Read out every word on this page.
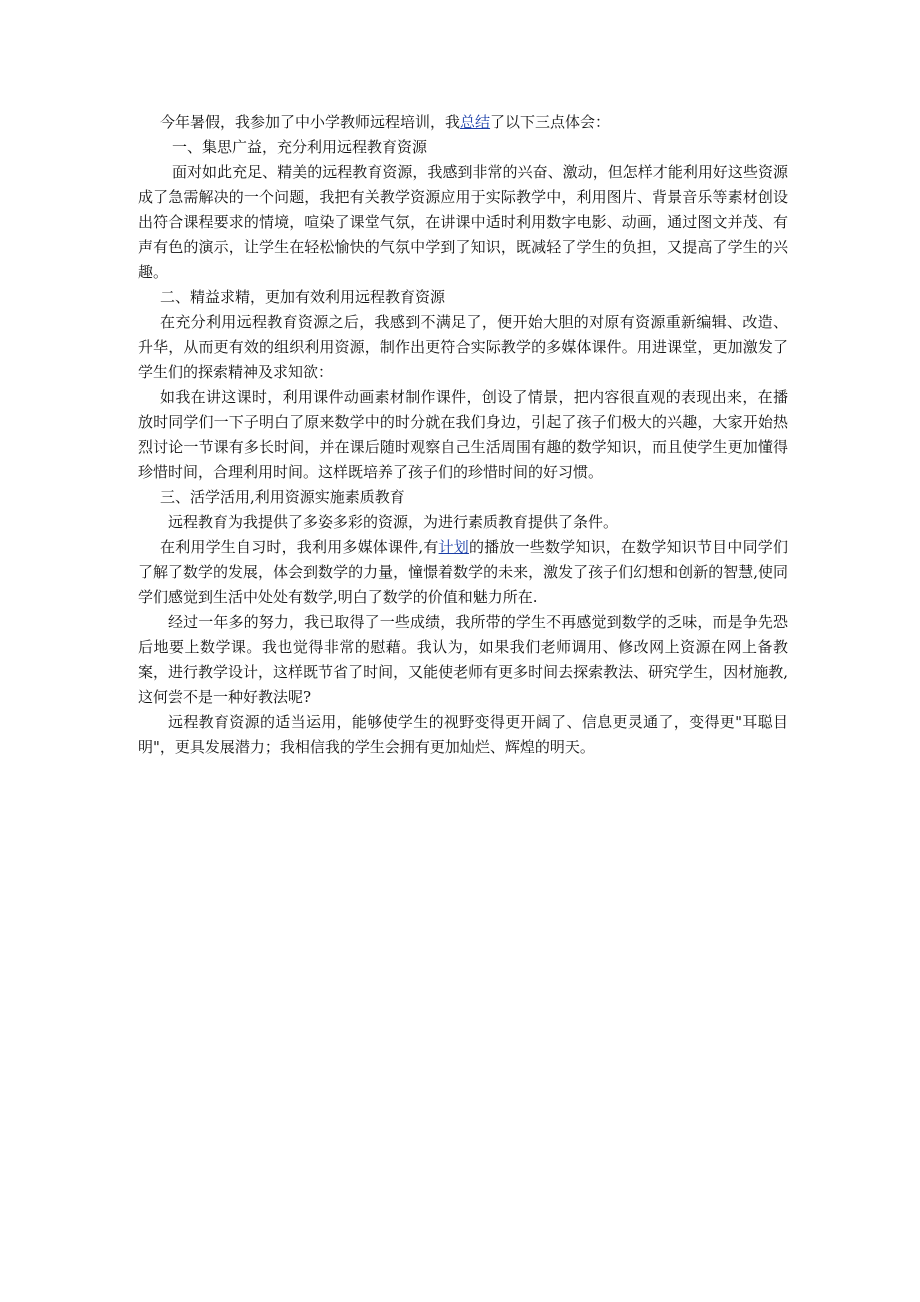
今年暑假，我参加了中小学教师远程培训，我总结了以下三点体会：

一、集思广益，充分利用远程教育资源

面对如此充足、精美的远程教育资源，我感到非常的兴奋、激动，但怎样才能利用好这些资源成了急需解决的一个问题，我把有关教学资源应用于实际教学中，利用图片、背景音乐等素材创设出符合课程要求的情境，喧染了课堂气氛，在讲课中适时利用数字电影、动画，通过图文并茂、有声有色的演示，让学生在轻松愉快的气氛中学到了知识，既减轻了学生的负担，又提高了学生的兴趣。

二、精益求精，更加有效利用远程教育资源

在充分利用远程教育资源之后，我感到不满足了，便开始大胆的对原有资源重新编辑、改造、升华，从而更有效的组织利用资源，制作出更符合实际教学的多媒体课件。用进课堂，更加激发了学生们的探索精神及求知欲：

如我在讲这课时，利用课件动画素材制作课件，创设了情景，把内容很直观的表现出来，在播放时同学们一下子明白了原来数学中的时分就在我们身边，引起了孩子们极大的兴趣，大家开始热烈讨论一节课有多长时间，并在课后随时观察自己生活周围有趣的数学知识，而且使学生更加懂得珍惜时间，合理利用时间。这样既培养了孩子们的珍惜时间的好习惯。

三、活学活用,利用资源实施素质教育

远程教育为我提供了多姿多彩的资源，为进行素质教育提供了条件。

在利用学生自习时，我利用多媒体课件,有计划的播放一些数学知识，在数学知识节目中同学们了解了数学的发展，体会到数学的力量，憧憬着数学的未来，激发了孩子们幻想和创新的智慧,使同学们感觉到生活中处处有数学,明白了数学的价值和魅力所在.

经过一年多的努力，我已取得了一些成绩，我所带的学生不再感觉到数学的乏味，而是争先恐后地要上数学课。我也觉得非常的慰藉。我认为，如果我们老师调用、修改网上资源在网上备教案，进行教学设计，这样既节省了时间，又能使老师有更多时间去探索教法、研究学生，因材施教,这何尝不是一种好教法呢?

远程教育资源的适当运用，能够使学生的视野变得更开阔了、信息更灵通了，变得更"耳聪目明"，更具发展潜力；我相信我的学生会拥有更加灿烂、辉煌的明天。
